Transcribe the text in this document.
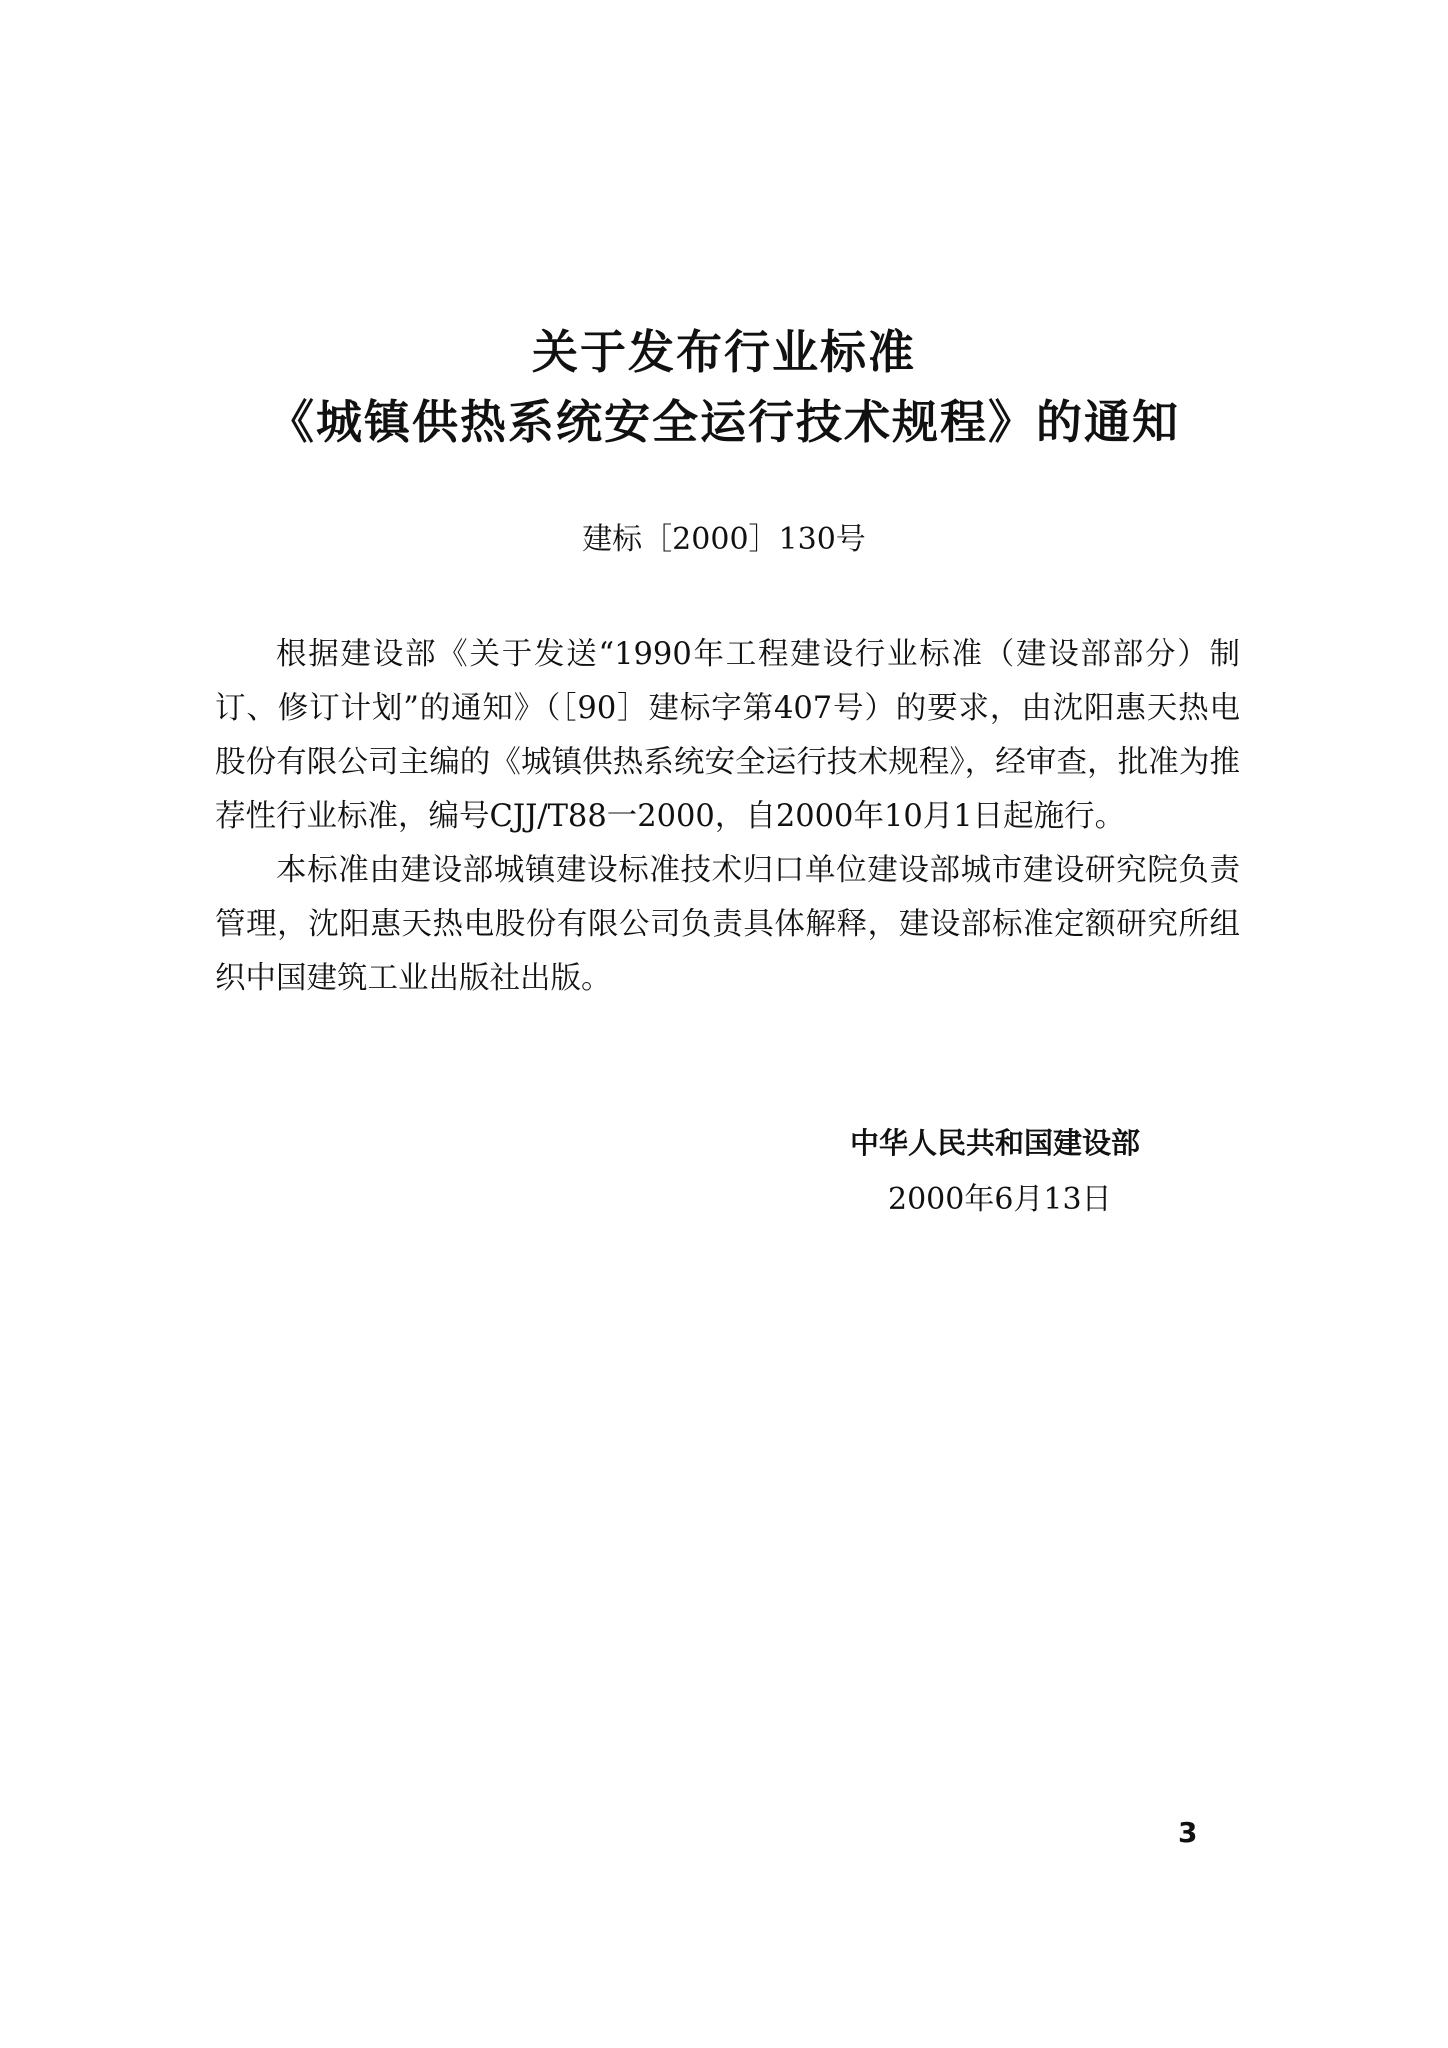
关于发布行业标准
《城镇供热系统安全运行技术规程》的通知
建标［2000］130号

根据建设部《关于发送“1990年工程建设行业标准（建设部部分）制订、修订计划”的通知》（［90］建标字第407号）的要求，由沈阳惠天热电股份有限公司主编的《城镇供热系统安全运行技术规程》，经审查，批准为推荐性行业标准，编号CJJ/T88一2000，自2000年10月1日起施行。

本标准由建设部城镇建设标准技术归口单位建设部城市建设研究院负责管理，沈阳惠天热电股份有限公司负责具体解释，建设部标准定额研究所组织中国建筑工业出版社出版。

中华人民共和国建设部
2000年6月13日
3
